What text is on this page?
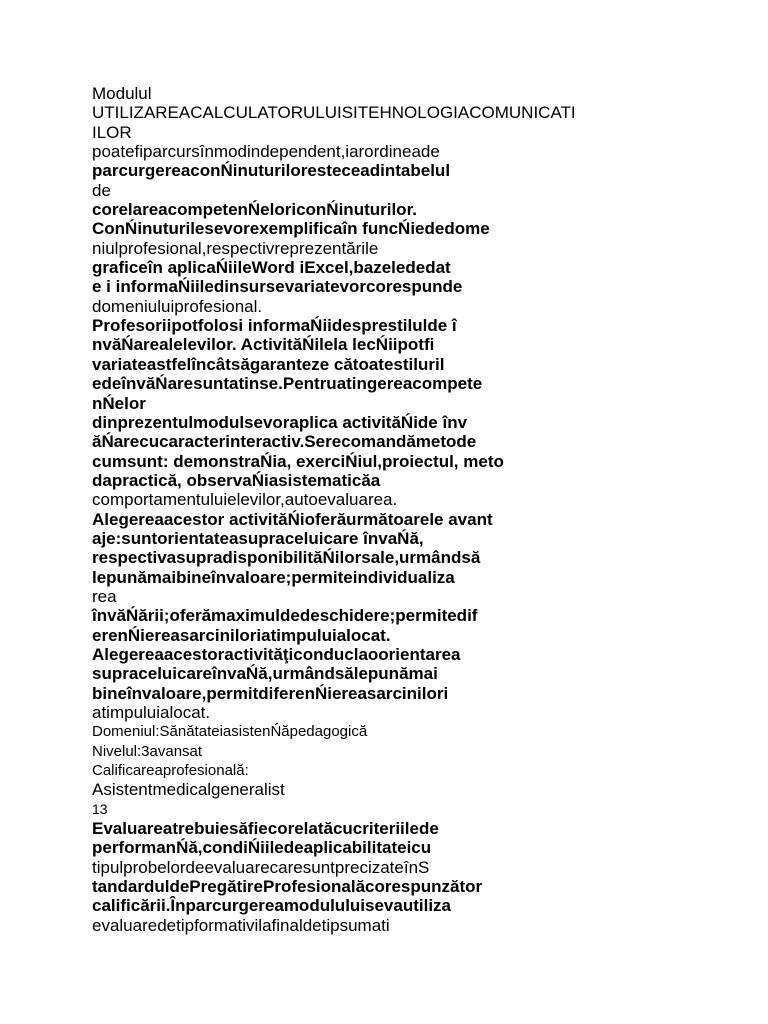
Modulul
UTILIZAREACALCULATORULUISITEHNOLOGIACOMUNICATI
ILOR
poatefiparcursînmodindependent,iarordineade
parcurgereaconŃinuturiloresteceadintabelul
de
corelareacompetenŃeloriconŃinuturilor.
ConŃinuturilesevorexemplificaîn funcŃiededome
niulprofesional,respectivreprezentările
graficeîn aplicaŃiileWord iExcel,bazeledеdat
e i informaŃiiledinsursevariatevorcorespunde
domeniuluiprofesional.
Profesoriipotfolosi informaŃiidesprestilulde î
nvăŃarealelevilor. ActivităŃilela lecŃiipotfi
variateastfelîncâtsăgaranteze cătoatestiluril
edeînvăŃaresuntatinse.Pentruatingereacompete
nŃelor
dinprezentulmodulsevoraplica activităŃide înv
ăŃarecucaracterinteractiv.Serecomandămetode
cumsunt: demonstraŃia, exerciŃiul,proiectul, meto
dapractică, observaŃiasistematicăa
comportamentuluielevilor,autoevaluarea.
Alegereaacestor activităŃioferăurmătoarele avant
aje:suntorientateasupraceluicare învaŃă,
respectivasupradisponibilităŃilorsale,urmândsă
lepunămaibineînvaloare;permiteindividualiza
rea
învăŃării;oferămaximuldedeschidere;permitedif
erenŃiereasarciniloriatimpuluialocat.
Alegereaacestoractivităţiconduclaoorientarea
supraceluicareînvaŃă,urmândsălepunămai
bineînvaloare,permitdiferenŃiereasarcinilori
atimpuluialocat.
Domeniul:SănătateiasistenŃăpedagogică
Nivelul:3avansat
Calificareaprofesională:
Asistentmedicalgeneralist
13
Evaluareatrebuiesăfiecorelatăcucriteriilede
performanŃă,condiŃiiledeaplicabilitateicu
tipulprobelordeevaluarecaresuntprecizateînS
tandarduldePregătireProfesionalăcorespunzător
calificării.Înparcurgereamodululuisevautiliza
evaluaredetipformativilafinaldetipsumati
